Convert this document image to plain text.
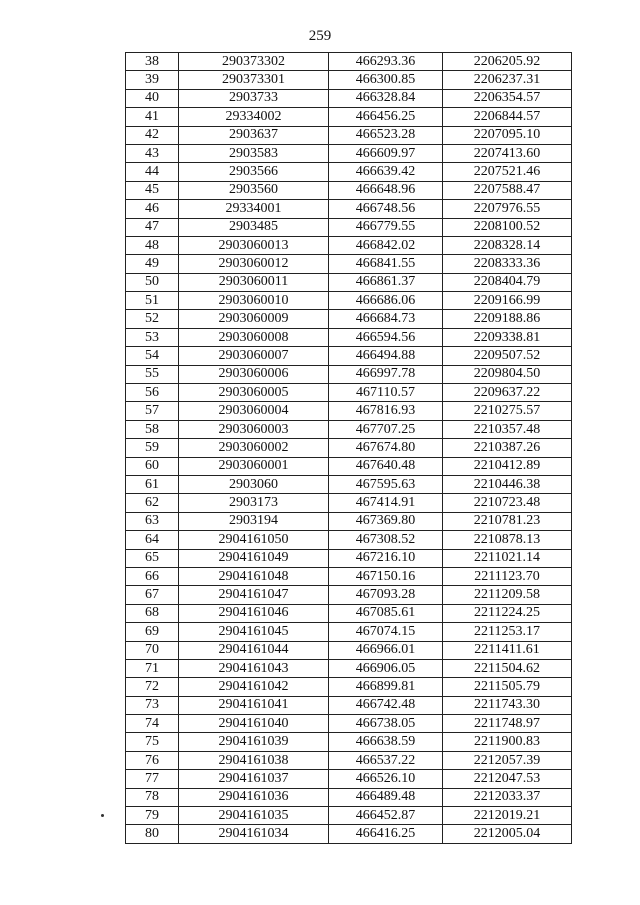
259
38	290373302	466293.36	2206205.92
39	290373301	466300.85	2206237.31
40	2903733	466328.84	2206354.57
41	29334002	466456.25	2206844.57
42	2903637	466523.28	2207095.10
43	2903583	466609.97	2207413.60
44	2903566	466639.42	2207521.46
45	2903560	466648.96	2207588.47
46	29334001	466748.56	2207976.55
47	2903485	466779.55	2208100.52
48	2903060013	466842.02	2208328.14
49	2903060012	466841.55	2208333.36
50	2903060011	466861.37	2208404.79
51	2903060010	466686.06	2209166.99
52	2903060009	466684.73	2209188.86
53	2903060008	466594.56	2209338.81
54	2903060007	466494.88	2209507.52
55	2903060006	466997.78	2209804.50
56	2903060005	467110.57	2209637.22
57	2903060004	467816.93	2210275.57
58	2903060003	467707.25	2210357.48
59	2903060002	467674.80	2210387.26
60	2903060001	467640.48	2210412.89
61	2903060	467595.63	2210446.38
62	2903173	467414.91	2210723.48
63	2903194	467369.80	2210781.23
64	2904161050	467308.52	2210878.13
65	2904161049	467216.10	2211021.14
66	2904161048	467150.16	2211123.70
67	2904161047	467093.28	2211209.58
68	2904161046	467085.61	2211224.25
69	2904161045	467074.15	2211253.17
70	2904161044	466966.01	2211411.61
71	2904161043	466906.05	2211504.62
72	2904161042	466899.81	2211505.79
73	2904161041	466742.48	2211743.30
74	2904161040	466738.05	2211748.97
75	2904161039	466638.59	2211900.83
76	2904161038	466537.22	2212057.39
77	2904161037	466526.10	2212047.53
78	2904161036	466489.48	2212033.37
79	2904161035	466452.87	2212019.21
80	2904161034	466416.25	2212005.04
